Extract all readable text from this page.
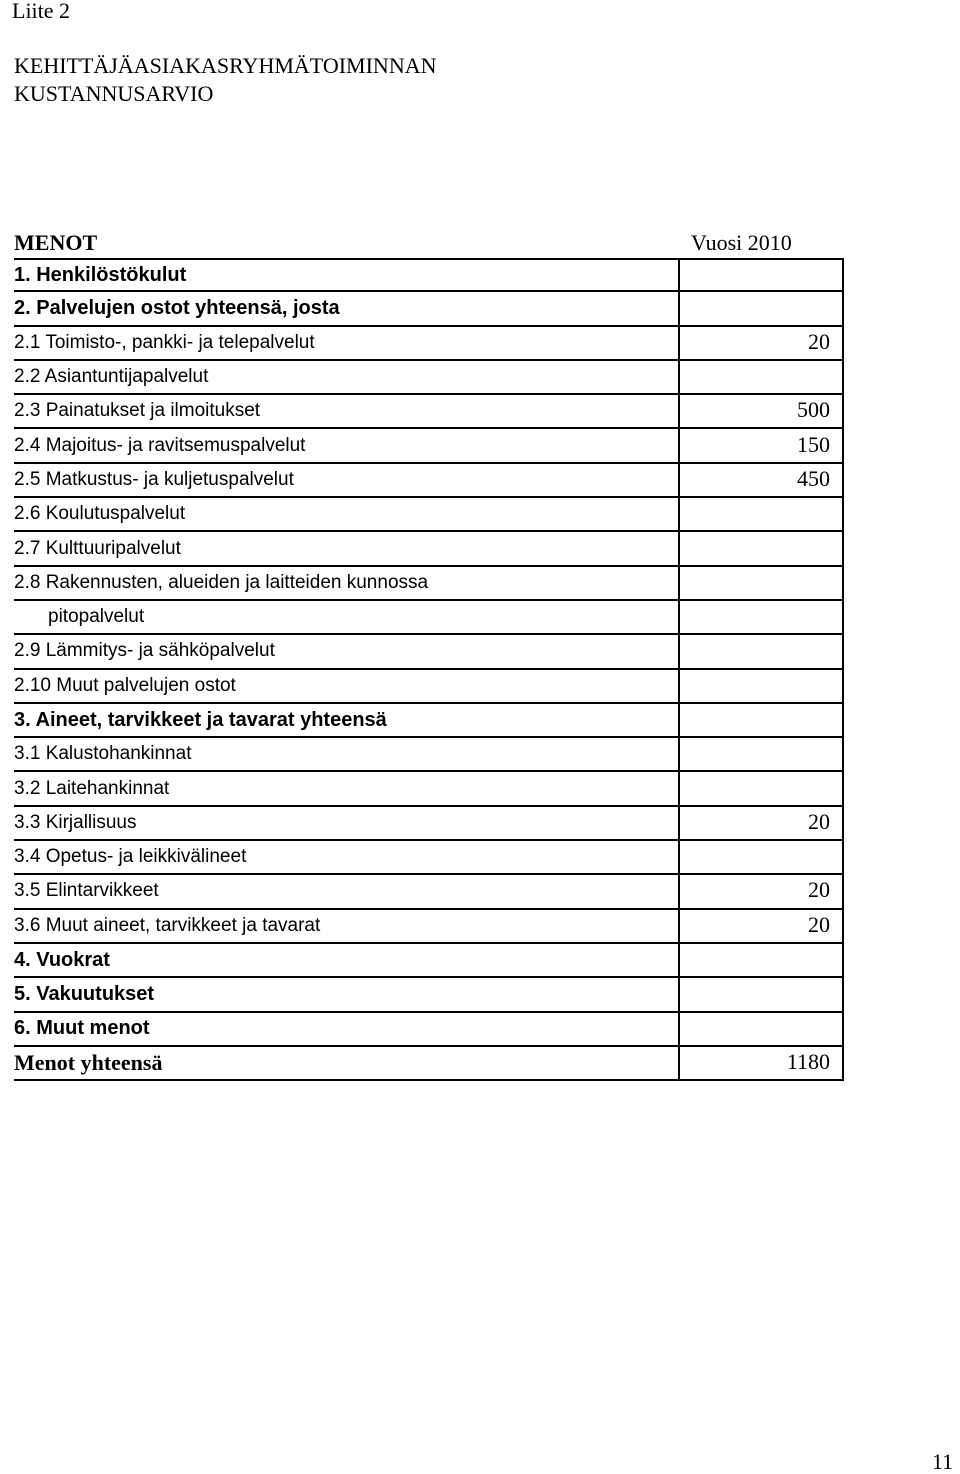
Liite 2
KEHITTÄJÄASIAKASRYHMÄTOIMINNAN
KUSTANNUSARVIO
MENOT	Vuosi 2010
1. Henkilöstökulut
2. Palvelujen ostot yhteensä, josta
2.1 Toimisto-, pankki- ja telepalvelut	20
2.2 Asiantuntijapalvelut
2.3 Painatukset ja ilmoitukset	500
2.4 Majoitus- ja ravitsemuspalvelut	150
2.5 Matkustus- ja kuljetuspalvelut	450
2.6 Koulutuspalvelut
2.7 Kulttuuripalvelut
2.8 Rakennusten, alueiden ja laitteiden kunnossa
pitopalvelut
2.9 Lämmitys- ja sähköpalvelut
2.10 Muut palvelujen ostot
3. Aineet, tarvikkeet ja tavarat yhteensä
3.1 Kalustohankinnat
3.2 Laitehankinnat
3.3 Kirjallisuus	20
3.4 Opetus- ja leikkivälineet
3.5 Elintarvikkeet	20
3.6 Muut aineet, tarvikkeet ja tavarat	20
4. Vuokrat
5. Vakuutukset
6. Muut menot
Menot yhteensä	1180
11
